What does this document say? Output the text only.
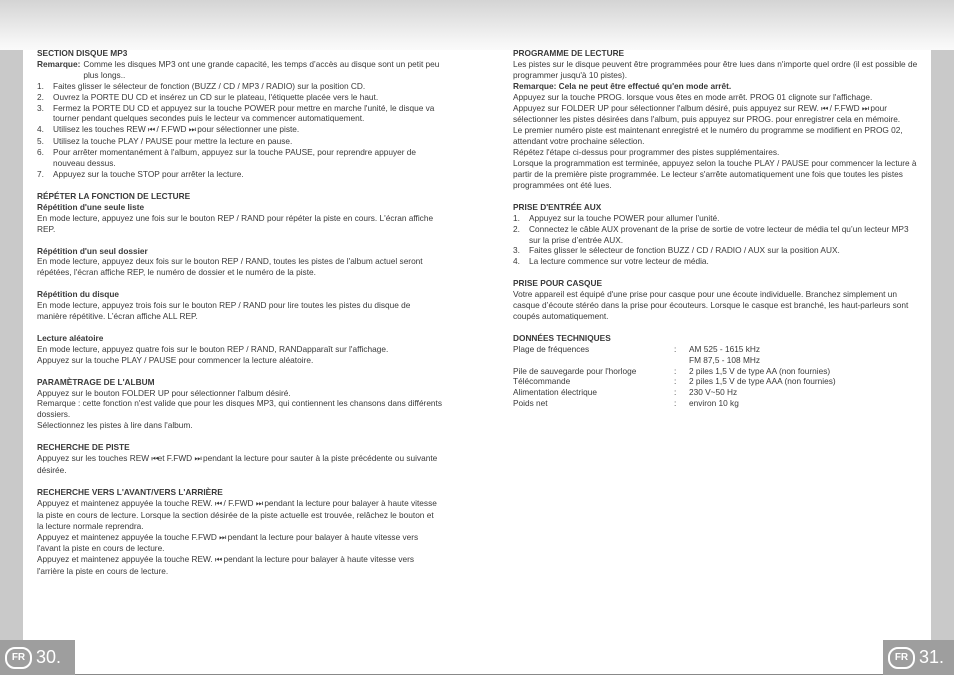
SECTION DISQUE MP3
Remarque: Comme les disques MP3 ont une grande capacité, les temps d’accès au disque sont un petit peu plus longs..
1.	Faites glisser le sélecteur de fonction (BUZZ / CD / MP3 / RADIO) sur la position CD.
2.	Ouvrez la PORTE DU CD et insérez un CD sur le plateau, l'étiquette placée vers le haut.
3.	Fermez la PORTE DU CD et appuyez sur la touche POWER pour mettre en marche l'unité, le disque va tourner pendant quelques secondes puis le lecteur va commencer automatiquement.
4.	Utilisez les touches REW ⏮ / F.FWD ⏭ pour sélectionner une piste.
5.	Utilisez la touche PLAY / PAUSE pour mettre la lecture en pause.
6.	Pour arrêter momentanément à l'album, appuyez sur la touche PAUSE, pour reprendre appuyer de nouveau dessus.
7.	Appuyez sur la touche STOP pour arrêter la lecture.
RÉPÉTER LA FONCTION DE LECTURE
Répétition d'une seule liste
En mode lecture, appuyez une fois sur le bouton REP / RAND pour répéter la piste en cours. L'écran affiche REP.
Répétition d'un seul dossier
En mode lecture, appuyez deux fois sur le bouton REP / RAND, toutes les pistes de l'album actuel seront répétées, l'écran affiche REP, le numéro de dossier et le numéro de la piste.
Répétition du disque
En mode lecture, appuyez trois fois sur le bouton REP / RAND pour lire toutes les pistes du disque de manière répétitive. L’écran affiche ALL REP.
Lecture aléatoire
En mode lecture, appuyez quatre fois sur le bouton REP / RAND, RANDapparaît sur l'affichage.
Appuyez sur la touche PLAY / PAUSE pour commencer la lecture aléatoire.
PARAMÈTRAGE DE L'ALBUM
Appuyez sur le bouton FOLDER UP pour sélectionner l'album désiré.
Remarque : cette fonction n'est valide que pour les disques MP3, qui contiennent les chansons dans différents dossiers.
Sélectionnez les pistes à lire dans l'album.
RECHERCHE DE PISTE
Appuyez sur les touches REW ⏮et F.FWD ⏭ pendant la lecture pour sauter à la piste précédente ou suivante désirée.
RECHERCHE VERS L'AVANT/VERS L'ARRIÈRE
Appuyez et maintenez appuyée la touche REW. ⏮ / F.FWD ⏭ pendant la lecture pour balayer à haute vitesse la piste en cours de lecture. Lorsque la section désirée de la piste actuelle est trouvée, relâchez le bouton et la lecture normale reprendra.
Appuyez et maintenez appuyée la touche F.FWD ⏭ pendant la lecture pour balayer à haute vitesse vers l'avant la piste en cours de lecture.
Appuyez et maintenez appuyée la touche REW. ⏮ pendant la lecture pour balayer à haute vitesse vers l'arrière la piste en cours de lecture.
PROGRAMME DE LECTURE
Les pistes sur le disque peuvent être programmées pour être lues dans n'importe quel ordre (il est possible de programmer jusqu'à 10 pistes).
Remarque: Cela ne peut être effectué qu'en mode arrêt.
Appuyez sur la touche PROG. lorsque vous êtes en mode arrêt. PROG 01 clignote sur l'affichage.
Appuyez sur FOLDER UP pour sélectionner l'album désiré, puis appuyez sur REW. ⏮ / F.FWD ⏭ pour sélectionner les pistes désirées dans l'album, puis appuyez sur PROG. pour enregistrer cela en mémoire.
Le premier numéro piste est maintenant enregistré et le numéro du programme se modifient en PROG 02, attendant votre prochaine sélection.
Répétez l'étape ci-dessus pour programmer des pistes supplémentaires.
Lorsque la programmation est terminée, appuyez selon la touche PLAY / PAUSE pour commencer la lecture à partir de la première piste programmée. Le lecteur s'arrête automatiquement une fois que toutes les pistes programmées ont été lues.
PRISE D'ENTRÉE AUX
1.	Appuyez sur la touche POWER pour allumer l’unité.
2.	Connectez le câble AUX provenant de la prise de sortie de votre lecteur de média tel qu’un lecteur MP3 sur la prise d’entrée AUX.
3.	Faites glisser le sélecteur de fonction BUZZ / CD / RADIO / AUX sur la position AUX.
4.	La lecture commence sur votre lecteur de média.
PRISE POUR CASQUE
Votre appareil est équipé d'une prise pour casque pour une écoute individuelle. Branchez simplement un casque d’écoute stéréo dans la prise pour écouteurs. Lorsque le casque est branché, les haut-parleurs sont coupés automatiquement.
DONNÉES TECHNIQUES
Plage de fréquences	:	AM 525 - 1615 kHz
		FM 87,5 - 108 MHz
Pile de sauvegarde pour l'horloge	:	2 piles 1,5 V de type AA (non fournies)
Télécommande	:	2 piles 1,5 V de type AAA (non fournies)
Alimentation électrique	:	230 V~50 Hz
Poids net	:	environ 10 kg
FR 30.	FR 31.
